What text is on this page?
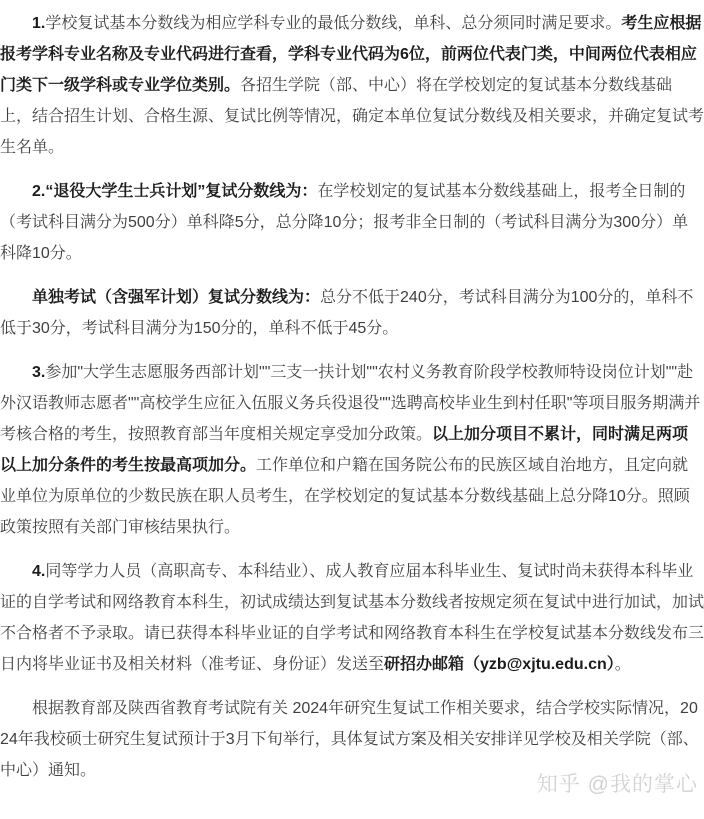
1.学校复试基本分数线为相应学科专业的最低分数线，单科、总分须同时满足要求。考生应根据报考学科专业名称及专业代码进行查看，学科专业代码为6位，前两位代表门类，中间两位代表相应门类下一级学科或专业学位类别。各招生学院（部、中心）将在学校划定的复试基本分数线基础上，结合招生计划、合格生源、复试比例等情况，确定本单位复试分数线及相关要求，并确定复试考生名单。

2.“退役大学生士兵计划”复试分数线为：在学校划定的复试基本分数线基础上，报考全日制的（考试科目满分为500分）单科降5分，总分降10分；报考非全日制的（考试科目满分为300分）单科降10分。

单独考试（含强军计划）复试分数线为：总分不低于240分，考试科目满分为100分的，单科不低于30分，考试科目满分为150分的，单科不低于45分。

3.参加"大学生志愿服务西部计划""三支一扶计划""农村义务教育阶段学校教师特设岗位计划""赴外汉语教师志愿者""高校学生应征入伍服义务兵役退役""选聘高校毕业生到村任职"等项目服务期满并考核合格的考生，按照教育部当年度相关规定享受加分政策。以上加分项目不累计，同时满足两项以上加分条件的考生按最高项加分。工作单位和户籍在国务院公布的民族区域自治地方，且定向就业单位为原单位的少数民族在职人员考生，在学校划定的复试基本分数线基础上总分降10分。照顾政策按照有关部门审核结果执行。

4.同等学力人员（高职高专、本科结业）、成人教育应届本科毕业生、复试时尚未获得本科毕业证的自学考试和网络教育本科生，初试成绩达到复试基本分数线者按规定须在复试中进行加试，加试不合格者不予录取。请已获得本科毕业证的自学考试和网络教育本科生在学校复试基本分数线发布三日内将毕业证书及相关材料（准考证、身份证）发送至研招办邮箱（yzb@xjtu.edu.cn）。

根据教育部及陕西省教育考试院有关 2024年研究生复试工作相关要求，结合学校实际情况，2024年我校硕士研究生复试预计于3月下旬举行，具体复试方案及相关安排详见学校及相关学院（部、中心）通知。

知乎 @我的掌心
